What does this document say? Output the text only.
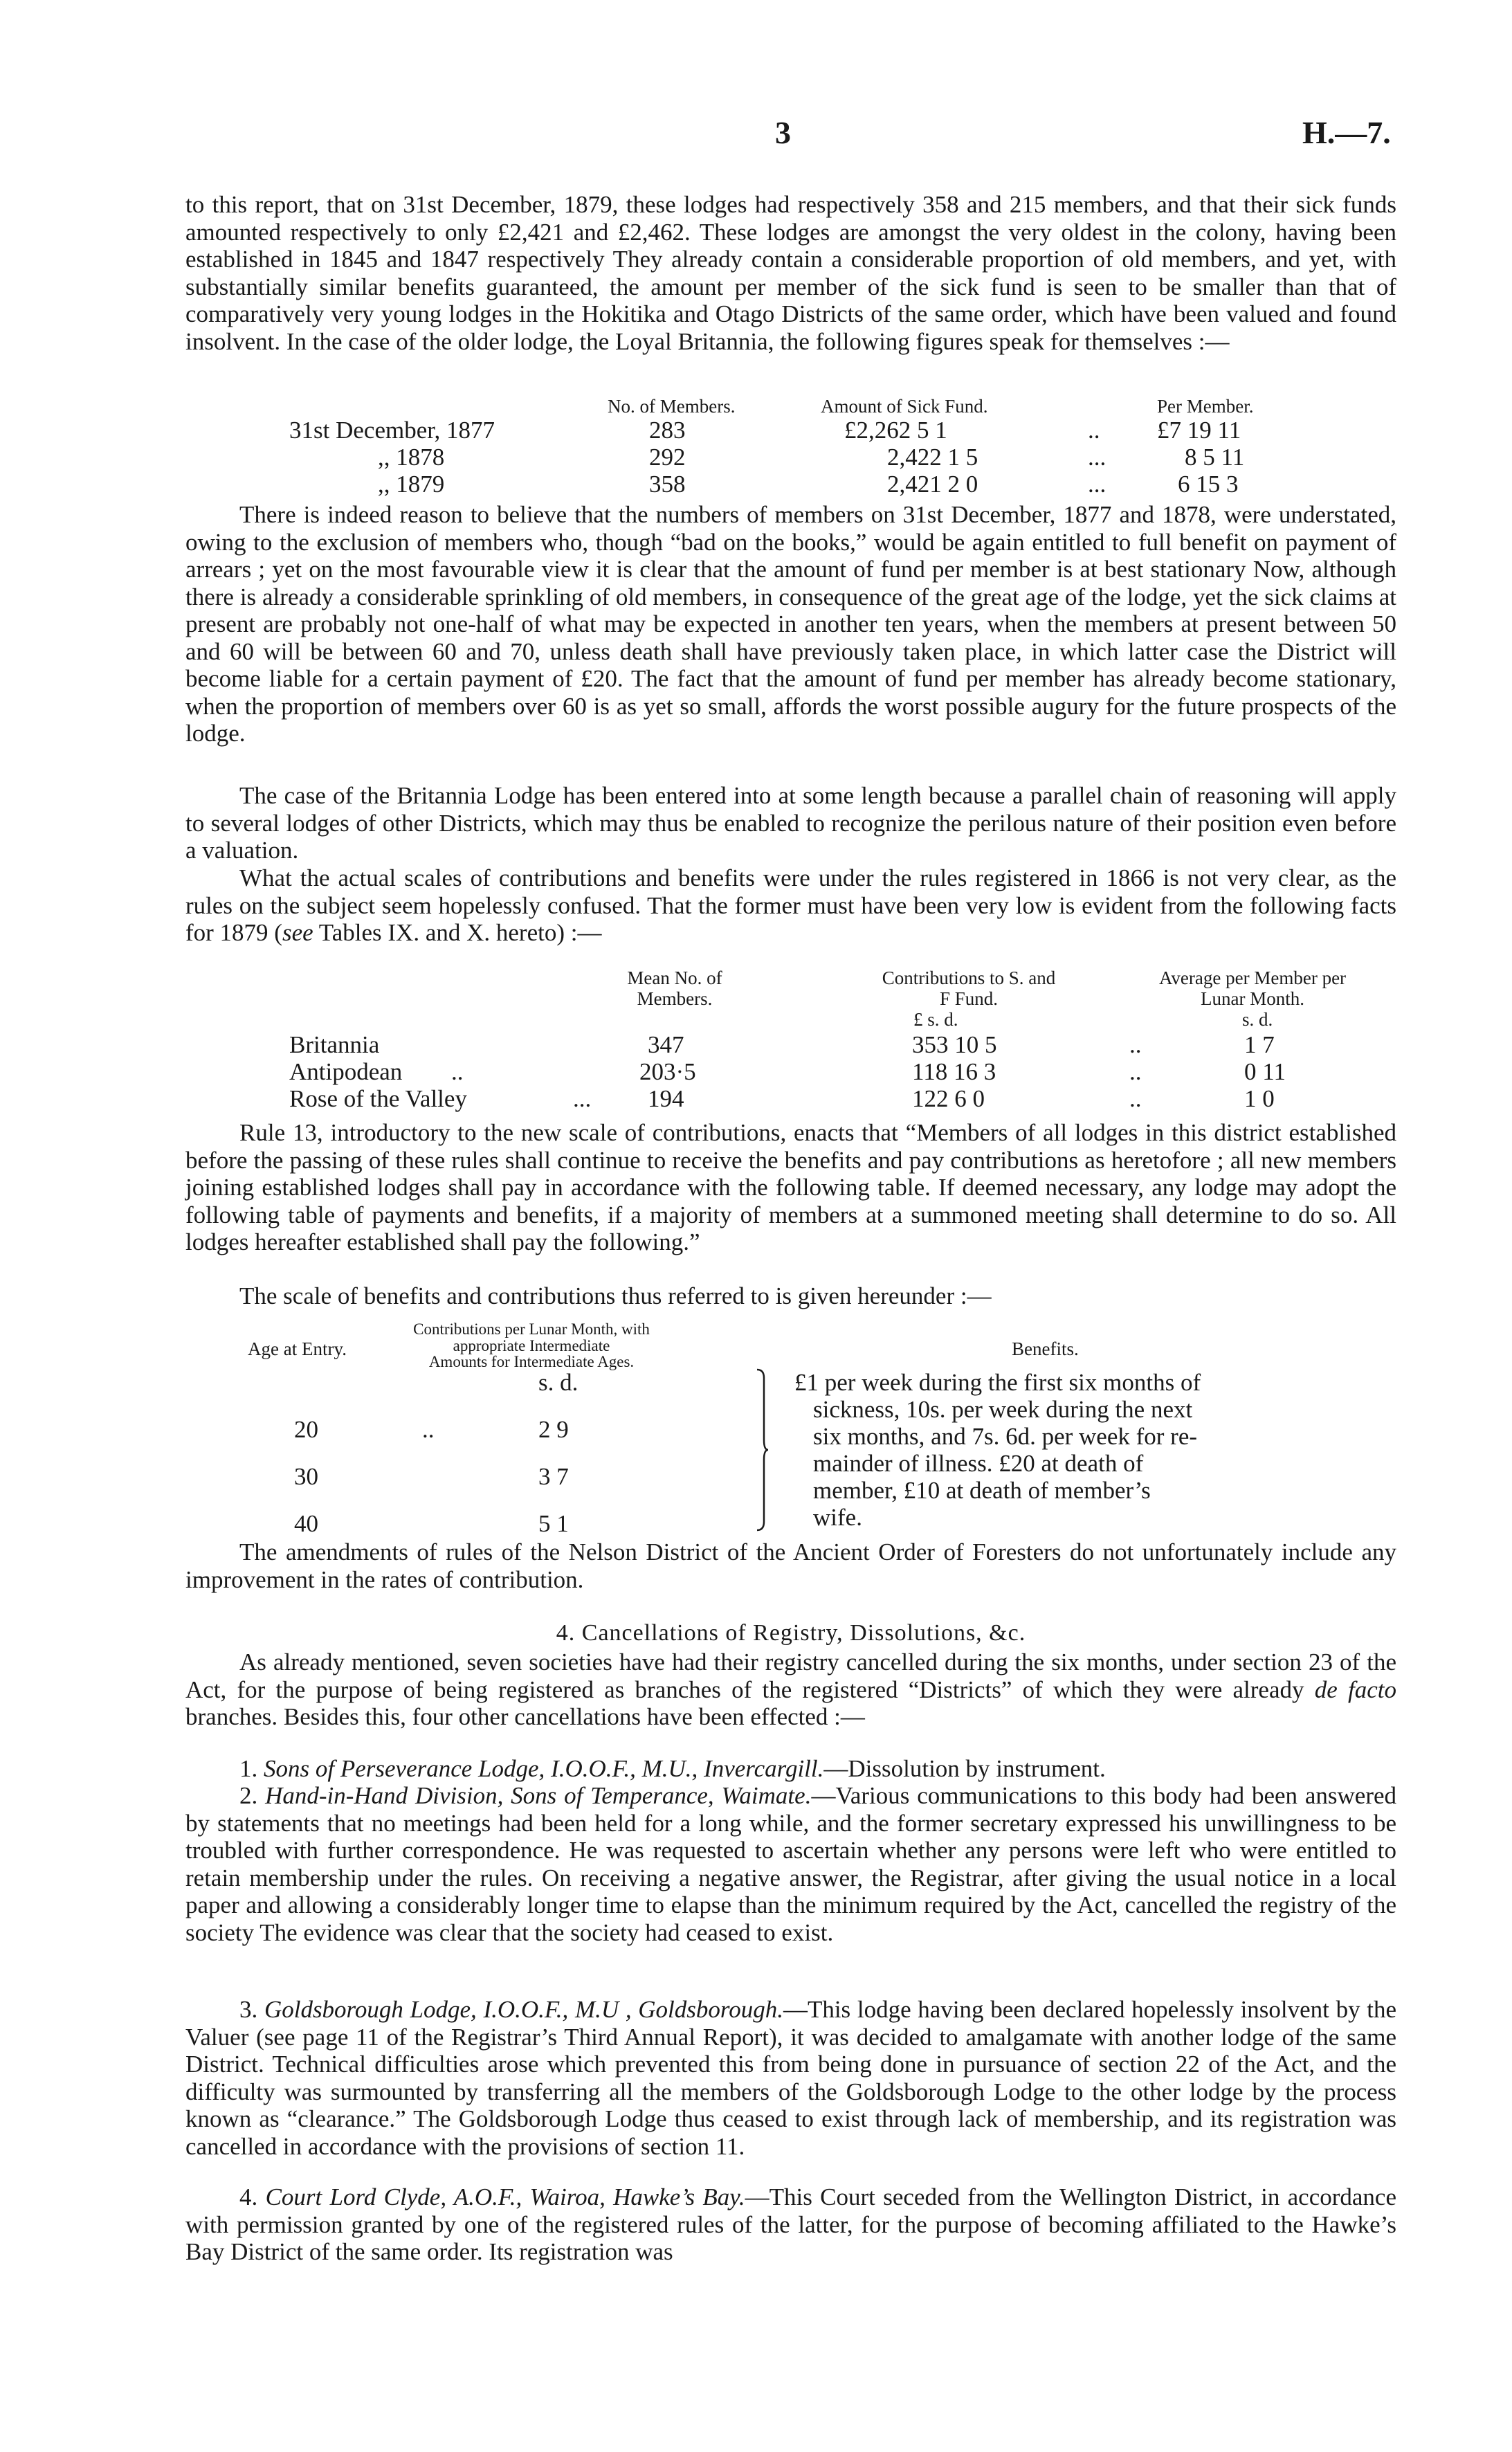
3	H.—7.

to this report, that on 31st December, 1879, these lodges had respectively 358 and 215 members, and that their sick funds amounted respectively to only £2,421 and £2,462. These lodges are amongst the very oldest in the colony, having been established in 1845 and 1847 respectively They already contain a considerable proportion of old members, and yet, with substantially similar benefits guaranteed, the amount per member of the sick fund is seen to be smaller than that of comparatively very young lodges in the Hokitika and Otago Districts of the same order, which have been valued and found insolvent. In the case of the older lodge, the Loyal Britannia, the following figures speak for themselves :—

No. of Members.	Amount of Sick Fund.	Per Member.
31st December, 1877	283	£2,262 5 1	.. £7 19 11
,, 1878	292	2,422 1 5	...	8 5 11
,, 1879	358	2,421 2 0	...	6 15 3

There is indeed reason to believe that the numbers of members on 31st December, 1877 and 1878, were understated, owing to the exclusion of members who, though “bad on the books,” would be again entitled to full benefit on payment of arrears ; yet on the most favourable view it is clear that the amount of fund per member is at best stationary Now, although there is already a considerable sprinkling of old members, in consequence of the great age of the lodge, yet the sick claims at present are probably not one-half of what may be expected in another ten years, when the members at present between 50 and 60 will be between 60 and 70, unless death shall have previously taken place, in which latter case the District will become liable for a certain payment of £20. The fact that the amount of fund per member has already become stationary, when the proportion of members over 60 is as yet so small, affords the worst possible augury for the future prospects of the lodge.

The case of the Britannia Lodge has been entered into at some length because a parallel chain of reasoning will apply to several lodges of other Districts, which may thus be enabled to recognize the perilous nature of their position even before a valuation.

What the actual scales of contributions and benefits were under the rules registered in 1866 is not very clear, as the rules on the subject seem hopelessly confused. That the former must have been very low is evident from the following facts for 1879 (see Tables IX. and X. hereto) :—

Mean No. of Members.
Contributions to S. and F Fund.
Average per Member per Lunar Month.
£ s. d.	s. d.
Britannia	347	353 10 5	..	1 7
Antipodean ..	203·5	118 16 3	..	0 11
Rose of the Valley	... 194	122 6 0	..	1 0

Rule 13, introductory to the new scale of contributions, enacts that “Members of all lodges in this district established before the passing of these rules shall continue to receive the benefits and pay contributions as heretofore ; all new members joining established lodges shall pay in accordance with the following table. If deemed necessary, any lodge may adopt the following table of payments and benefits, if a majority of members at a summoned meeting shall determine to do so. All lodges hereafter established shall pay the following.”

The scale of benefits and contributions thus referred to is given hereunder :—

Age at Entry.
Contributions per Lunar Month, with
appropriate Intermediate
Amounts for Intermediate Ages.
Benefits.
s. d.
20	..	2 9
30	3 7
40	5 1
£1 per week during the first six months of
sickness, 10s. per week during the next
six months, and 7s. 6d. per week for re-
mainder of illness. £20 at death of
member, £10 at death of member’s
wife.

The amendments of rules of the Nelson District of the Ancient Order of Foresters do not unfortunately include any improvement in the rates of contribution.

4. Cancellations of Registry, Dissolutions, &c.

As already mentioned, seven societies have had their registry cancelled during the six months, under section 23 of the Act, for the purpose of being registered as branches of the registered “Districts” of which they were already de facto branches. Besides this, four other cancellations have been effected :—

1. Sons of Perseverance Lodge, I.O.O.F., M.U., Invercargill.—Dissolution by instrument.

2. Hand-in-Hand Division, Sons of Temperance, Waimate.—Various communications to this body had been answered by statements that no meetings had been held for a long while, and the former secretary expressed his unwillingness to be troubled with further correspondence. He was requested to ascertain whether any persons were left who were entitled to retain membership under the rules. On receiving a negative answer, the Registrar, after giving the usual notice in a local paper and allowing a considerably longer time to elapse than the minimum required by the Act, cancelled the registry of the society The evidence was clear that the society had ceased to exist.

3. Goldsborough Lodge, I.O.O.F., M.U , Goldsborough.—This lodge having been declared hopelessly insolvent by the Valuer (see page 11 of the Registrar’s Third Annual Report), it was decided to amalgamate with another lodge of the same District. Technical difficulties arose which prevented this from being done in pursuance of section 22 of the Act, and the difficulty was surmounted by transferring all the members of the Goldsborough Lodge to the other lodge by the process known as “clearance.” The Goldsborough Lodge thus ceased to exist through lack of membership, and its registration was cancelled in accordance with the provisions of section 11.

4. Court Lord Clyde, A.O.F., Wairoa, Hawke’s Bay.—This Court seceded from the Wellington District, in accordance with permission granted by one of the registered rules of the latter, for the purpose of becoming affiliated to the Hawke’s Bay District of the same order. Its registration was
